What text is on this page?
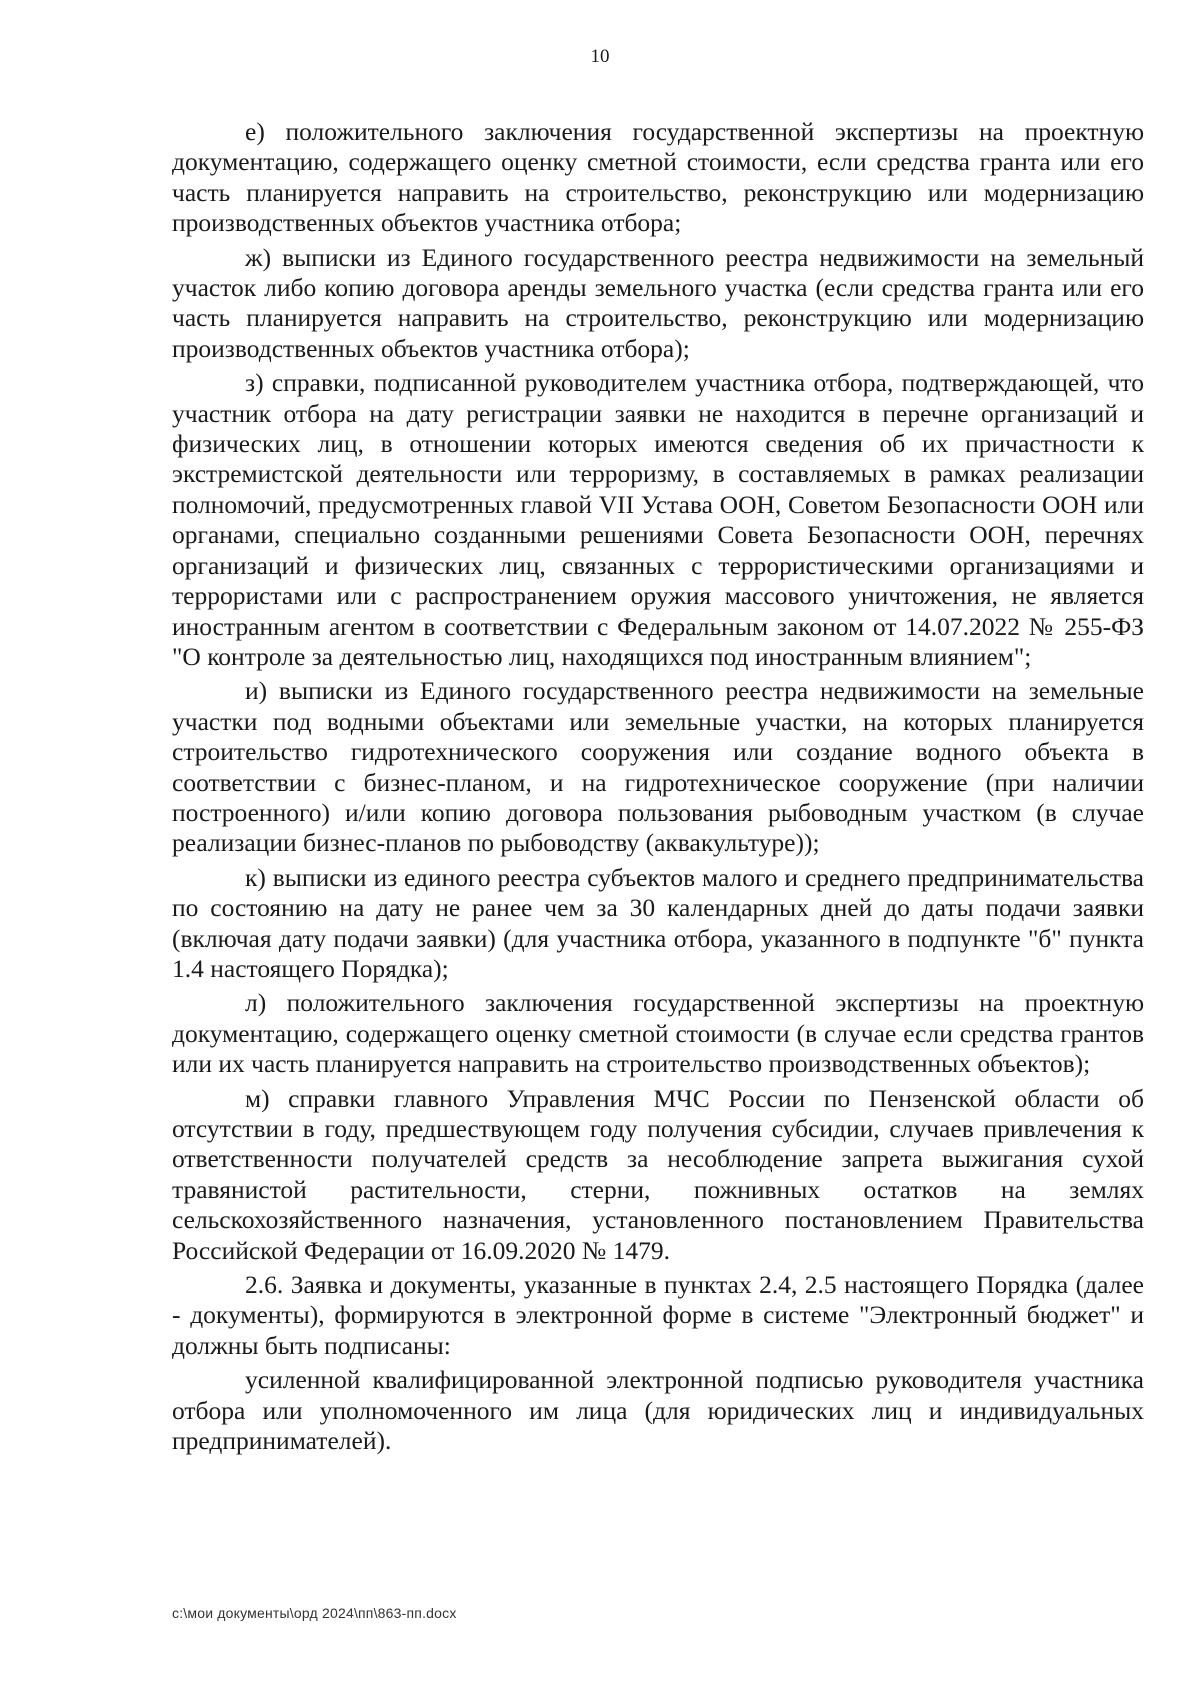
10

е) положительного заключения государственной экспертизы на проектную документацию, содержащего оценку сметной стоимости, если средства гранта или его часть планируется направить на строительство, реконструкцию или модернизацию производственных объектов участника отбора;

ж) выписки из Единого государственного реестра недвижимости на земельный участок либо копию договора аренды земельного участка (если средства гранта или его часть планируется направить на строительство, реконструкцию или модернизацию производственных объектов участника отбора);

з) справки, подписанной руководителем участника отбора, подтверждающей, что участник отбора на дату регистрации заявки не находится в перечне организаций и физических лиц, в отношении которых имеются сведения об их причастности к экстремистской деятельности или терроризму, в составляемых в рамках реализации полномочий, предусмотренных главой VII Устава ООН, Советом Безопасности ООН или органами, специально созданными решениями Совета Безопасности ООН, перечнях организаций и физических лиц, связанных с террористическими организациями и террористами или с распространением оружия массового уничтожения, не является иностранным агентом в соответствии с Федеральным законом от 14.07.2022 № 255-ФЗ "О контроле за деятельностью лиц, находящихся под иностранным влиянием";

и) выписки из Единого государственного реестра недвижимости на земельные участки под водными объектами или земельные участки, на которых планируется строительство гидротехнического сооружения или создание водного объекта в соответствии с бизнес-планом, и на гидротехническое сооружение (при наличии построенного) и/или копию договора пользования рыбоводным участком (в случае реализации бизнес-планов по рыбоводству (аквакультуре));

к) выписки из единого реестра субъектов малого и среднего предпринимательства по состоянию на дату не ранее чем за 30 календарных дней до даты подачи заявки (включая дату подачи заявки) (для участника отбора, указанного в подпункте "б" пункта 1.4 настоящего Порядка);

л) положительного заключения государственной экспертизы на проектную документацию, содержащего оценку сметной стоимости (в случае если средства грантов или их часть планируется направить на строительство производственных объектов);

м) справки главного Управления МЧС России по Пензенской области об отсутствии в году, предшествующем году получения субсидии, случаев привлечения к ответственности получателей средств за несоблюдение запрета выжигания сухой травянистой растительности, стерни, пожнивных остатков на землях сельскохозяйственного назначения, установленного постановлением Правительства Российской Федерации от 16.09.2020 № 1479.

2.6. Заявка и документы, указанные в пунктах 2.4, 2.5 настоящего Порядка (далее - документы), формируются в электронной форме в системе "Электронный бюджет" и должны быть подписаны:

усиленной квалифицированной электронной подписью руководителя участника отбора или уполномоченного им лица (для юридических лиц и индивидуальных предпринимателей).

c:\мои документы\орд 2024\пп\863-пп.docx
